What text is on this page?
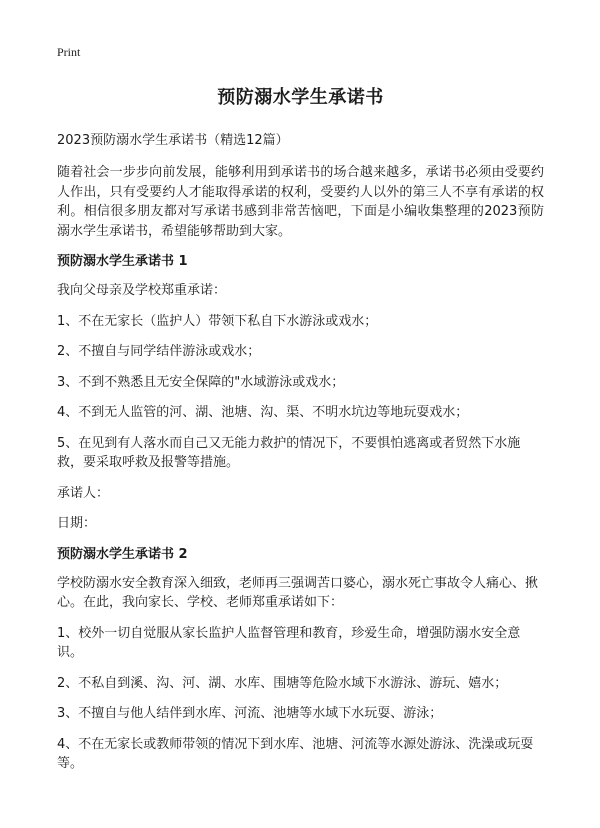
Print
预防溺水学生承诺书
2023预防溺水学生承诺书（精选12篇）

随着社会一步步向前发展，能够利用到承诺书的场合越来越多，承诺书必须由受要约人作出，只有受要约人才能取得承诺的权利，受要约人以外的第三人不享有承诺的权利。相信很多朋友都对写承诺书感到非常苦恼吧，下面是小编收集整理的2023预防溺水学生承诺书，希望能够帮助到大家。

预防溺水学生承诺书 1

我向父母亲及学校郑重承诺：

1、不在无家长（监护人）带领下私自下水游泳或戏水；

2、不擅自与同学结伴游泳或戏水；

3、不到不熟悉且无安全保障的"水域游泳或戏水；

4、不到无人监管的河、湖、池塘、沟、渠、不明水坑边等地玩耍戏水；

5、在见到有人落水而自己又无能力救护的情况下，不要惧怕逃离或者贸然下水施救，要采取呼救及报警等措施。

承诺人：

日期：

预防溺水学生承诺书 2

学校防溺水安全教育深入细致，老师再三强调苦口婆心，溺水死亡事故令人痛心、揪心。在此，我向家长、学校、老师郑重承诺如下：

1、校外一切自觉服从家长监护人监督管理和教育，珍爱生命，增强防溺水安全意识。

2、不私自到溪、沟、河、湖、水库、围塘等危险水域下水游泳、游玩、嬉水；

3、不擅自与他人结伴到水库、河流、池塘等水域下水玩耍、游泳；

4、不在无家长或教师带领的情况下到水库、池塘、河流等水源处游泳、洗澡或玩耍等。
